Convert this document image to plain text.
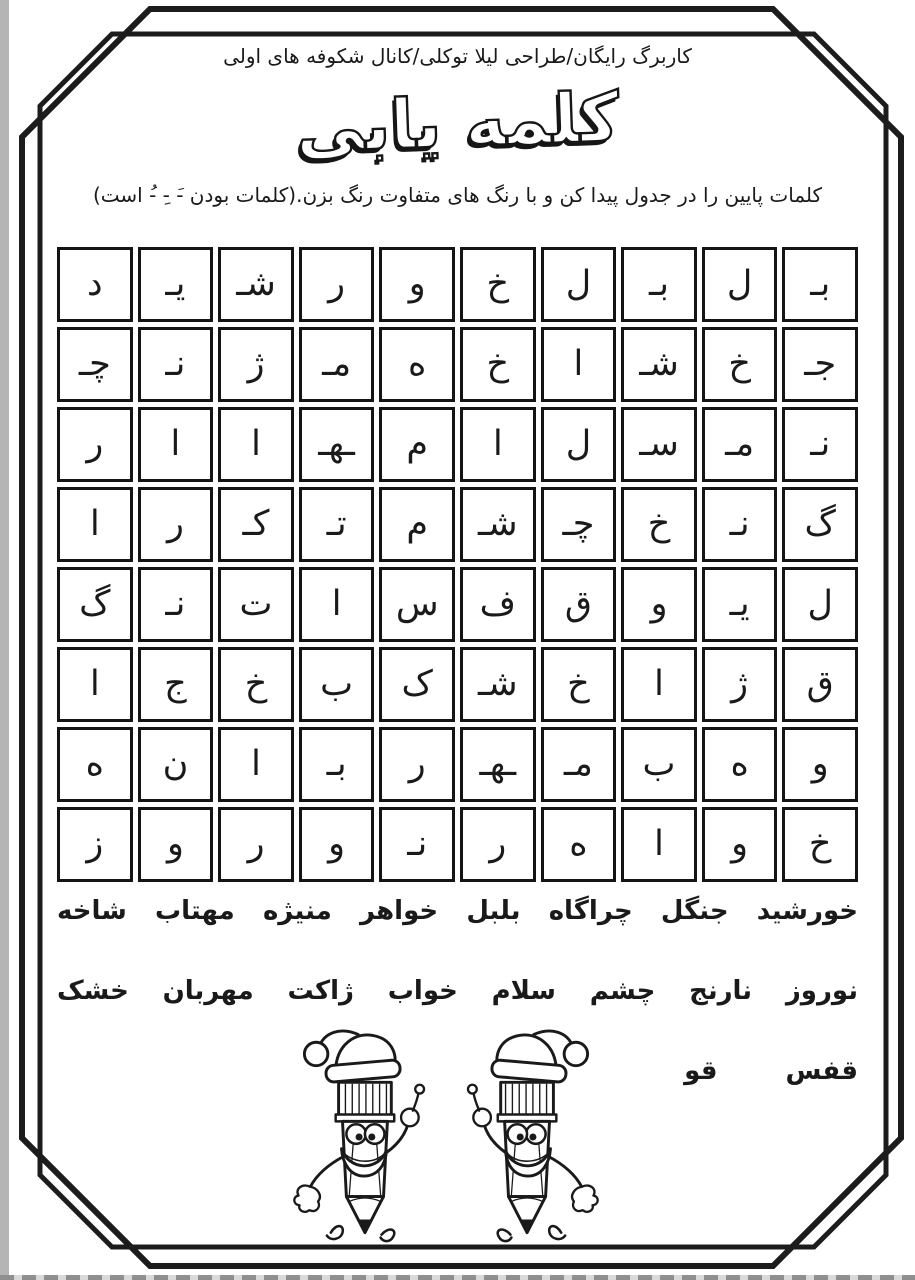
کاربرگ رایگان/طراحی لیلا توکلی/کانال شکوفه های اولی
کلمه یابی
کلمات پایین را در جدول پیدا کن و با رنگ های متفاوت رنگ بزن.(کلمات بودن -َ -ِ -ُ است)
بـ
ل
بـ
ل
خ
و
ر
شـ
یـ
د
جـ
خ
شـ
ا
خ
ه
مـ
ژ
نـ
چـ
نـ
مـ
سـ
ل
ا
م
ـهـ
ا
ا
ر
گ
نـ
خ
چـ
شـ
م
تـ
کـ
ر
ا
ل
یـ
و
ق
ف
س
ا
ت
نـ
گ
ق
ژ
ا
خ
شـ
ک
ب
خ
ج
ا
و
ه
ب
مـ
ـهـ
ر
بـ
ا
ن
ه
خ
و
ا
ه
ر
نـ
و
ر
و
ز
خورشید
جنگل
چراگاه
بلبل
خواهر
منیژه
مهتاب
شاخه
نوروز
نارنج
چشم
سلام
خواب
ژاکت
مهربان
خشک
قفس
قو
